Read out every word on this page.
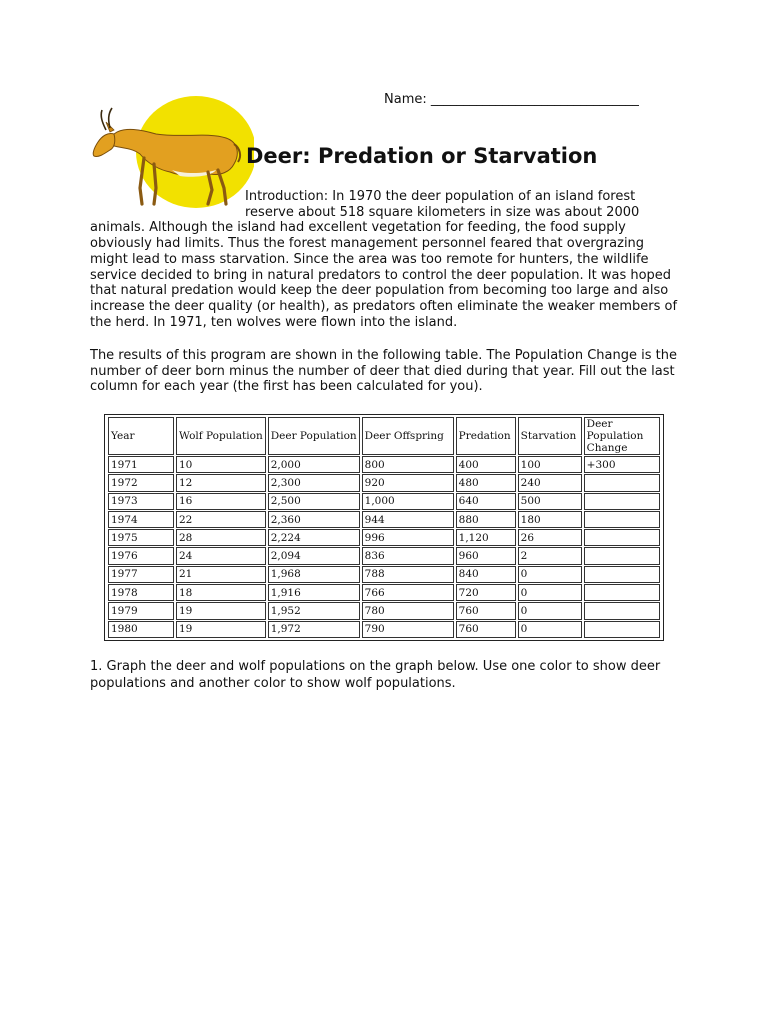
Name: ________________________________
Deer: Predation or Starvation

Introduction: In 1970 the deer population of an island forest
reserve about 518 square kilometers in size was about 2000
animals. Although the island had excellent vegetation for feeding, the food supply obviously had limits. Thus the forest management personnel feared that overgrazing might lead to mass starvation. Since the area was too remote for hunters, the wildlife service decided to bring in natural predators to control the deer population. It was hoped that natural predation would keep the deer population from becoming too large and also increase the deer quality (or health), as predators often eliminate the weaker members of the herd. In 1971, ten wolves were flown into the island.

The results of this program are shown in the following table. The Population Change is the number of deer born minus the number of deer that died during that year. Fill out the last column for each year (the first has been calculated for you).

Year	Wolf Population	Deer Population	Deer Offspring	Predation	Starvation	Deer Population Change
1971	10	2,000	800	400	100	+300
1972	12	2,300	920	480	240	
1973	16	2,500	1,000	640	500	
1974	22	2,360	944	880	180	
1975	28	2,224	996	1,120	26	
1976	24	2,094	836	960	2	
1977	21	1,968	788	840	0	
1978	18	1,916	766	720	0	
1979	19	1,952	780	760	0	
1980	19	1,972	790	760	0	

1. Graph the deer and wolf populations on the graph below. Use one color to show deer populations and another color to show wolf populations.
